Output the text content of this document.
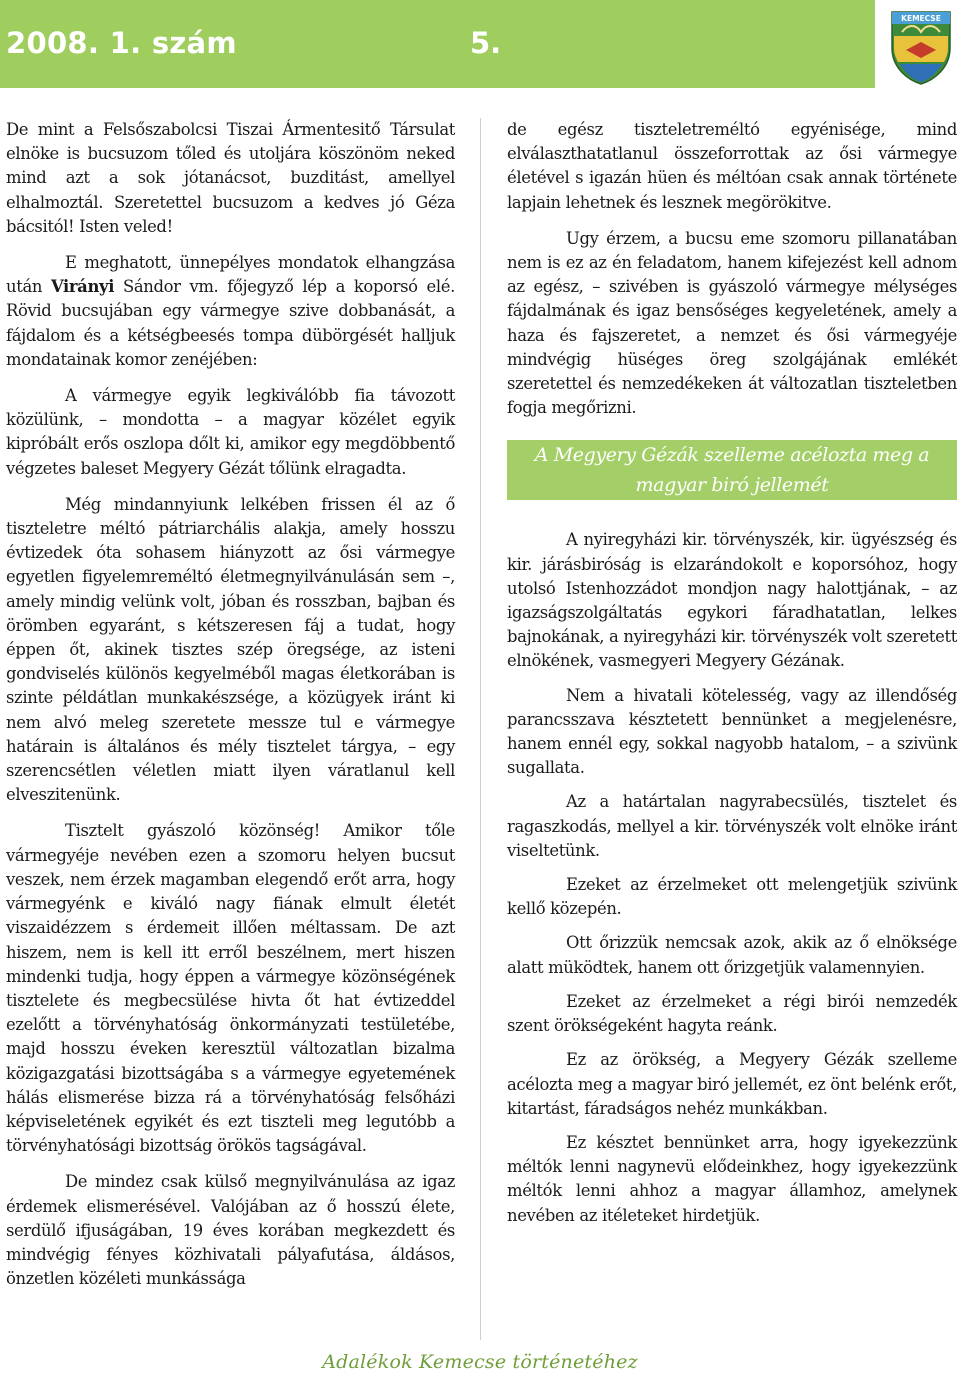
2008. 1. szám	5.

KEMECSE

De mint a Felsőszabolcsi Tiszai Ármentesitő Társulat elnöke is bucsuzom tőled és utoljára köszönöm neked mind azt a sok jótanácsot, buzditást, amellyel elhalmoztál. Szeretettel bucsuzom a kedves jó Géza bácsitól! Isten veled!

E meghatott, ünnepélyes mondatok elhangzása után Virányi Sándor vm. főjegyző lép a koporsó elé. Rövid bucsujában egy vármegye szive dobbanását, a fájdalom és a kétségbeesés tompa dübörgését halljuk mondatainak komor zenéjében:

A vármegye egyik legkiválóbb fia távozott közülünk, – mondotta – a magyar közélet egyik kipróbált erős oszlopa dőlt ki, amikor egy megdöbbentő végzetes baleset Megyery Gézát tőlünk elragadta.

Még mindannyiunk lelkében frissen él az ő tiszteletre méltó pátriarchális alakja, amely hosszu évtizedek óta sohasem hiányzott az ősi vármegye egyetlen figyelemreméltó életmegnyilvánulásán sem –, amely mindig velünk volt, jóban és rosszban, bajban és örömben egyaránt, s kétszeresen fáj a tudat, hogy éppen őt, akinek tisztes szép öregsége, az isteni gondviselés különös kegyelméből magas életkorában is szinte példátlan munkakészsége, a közügyek iránt ki nem alvó meleg szeretete messze tul e vármegye határain is általános és mély tisztelet tárgya, – egy szerencsétlen véletlen miatt ilyen váratlanul kell elveszitenünk.

Tisztelt gyászoló közönség! Amikor tőle vármegyéje nevében ezen a szomoru helyen bucsut veszek, nem érzek magamban elegendő erőt arra, hogy vármegyénk e kiváló nagy fiának elmult életét viszaidézzem s érdemeit illően méltassam. De azt hiszem, nem is kell itt erről beszélnem, mert hiszen mindenki tudja, hogy éppen a vármegye közönségének tisztelete és megbecsülése hivta őt hat évtizeddel ezelőtt a törvényhatóság önkormányzati testületébe, majd hosszu éveken keresztül változatlan bizalma közigazgatási bizottságába s a vármegye egyetemének hálás elismerése bizza rá a törvényhatóság felsőházi képviseletének egyikét és ezt tiszteli meg legutóbb a törvényhatósági bizottság örökös tagságával.

De mindez csak külső megnyilvánulása az igaz érdemek elismerésével. Valójában az ő hosszú élete, serdülő ifjuságában, 19 éves korában megkezdett és mindvégig fényes közhivatali pályafutása, áldásos, önzetlen közéleti munkássága

de egész tiszteletreméltó egyénisége, mind elválaszthatatlanul összeforrottak az ősi vármegye életével s igazán hüen és méltóan csak annak története lapjain lehetnek és lesznek megörökitve.

Ugy érzem, a bucsu eme szomoru pillanatában nem is ez az én feladatom, hanem kifejezést kell adnom az egész, – szivében is gyászoló vármegye mélységes fájdalmának és igaz bensőséges kegyeletének, amely a haza és fajszeretet, a nemzet és ősi vármegyéje mindvégig hüséges öreg szolgájának emlékét szeretettel és nemzedékeken át változatlan tiszteletben fogja megőrizni.

A Megyery Gézák szelleme acélozta meg a magyar biró jellemét

A nyiregyházi kir. törvényszék, kir. ügyészség és kir. járásbiróság is elzarándokolt e koporsóhoz, hogy utolsó Istenhozzádot mondjon nagy halottjának, – az igazságszolgáltatás egykori fáradhatatlan, lelkes bajnokának, a nyiregyházi kir. törvényszék volt szeretett elnökének, vasmegyeri Megyery Gézának.

Nem a hivatali kötelesség, vagy az illendőség parancsszava késztetett bennünket a megjelenésre, hanem ennél egy, sokkal nagyobb hatalom, – a szivünk sugallata.

Az a határtalan nagyrabecsülés, tisztelet és ragaszkodás, mellyel a kir. törvényszék volt elnöke iránt viseltetünk.

Ezeket az érzelmeket ott melengetjük szivünk kellő közepén.

Ott őrizzük nemcsak azok, akik az ő elnöksége alatt müködtek, hanem ott őrizgetjük valamennyien.

Ezeket az érzelmeket a régi birói nemzedék szent örökségeként hagyta reánk.

Ez az örökség, a Megyery Gézák szelleme acélozta meg a magyar biró jellemét, ez önt belénk erőt, kitartást, fáradságos nehéz munkákban.

Ez késztet bennünket arra, hogy igyekezzünk méltók lenni nagynevü elődeinkhez, hogy igyekezzünk méltók lenni ahhoz a magyar államhoz, amelynek nevében az itéleteket hirdetjük.

Adalékok Kemecse történetéhez
